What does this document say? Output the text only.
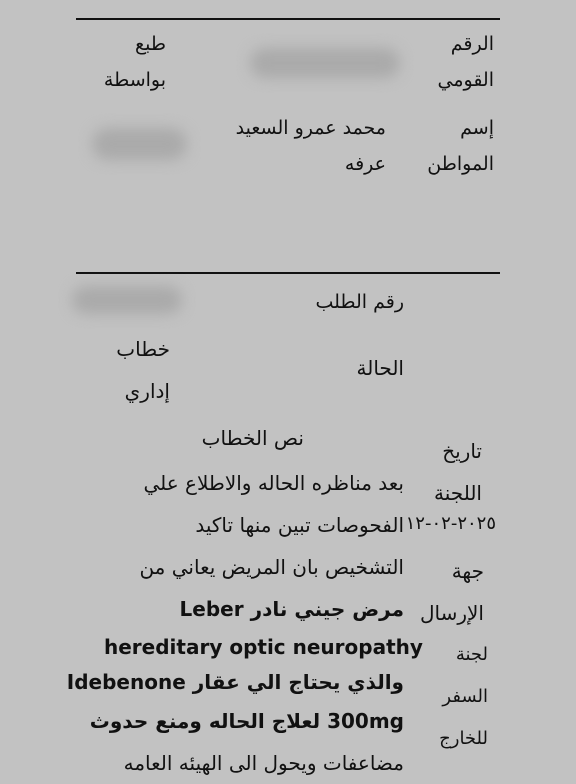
الرقم القومي
طبع بواسطة
إسم المواطن
محمد عمرو السعيد عرفه
رقم الطلب
الحالة
خطاب إداري
نص الخطاب
تاريخ اللجنة
٢٠٢٥-٠٢-١٢
جهة الإرسال
لجنة السفر للخارج
بعد مناظره الحاله والاطلاع علي
الفحوصات تبين منها تاكيد
التشخيص بان المريض يعاني من
مرض جيني نادر Leber
hereditary optic neuropathy
والذي يحتاج الي عقار Idebenone
300mg لعلاج الحاله ومنع حدوث
مضاعفات ويحول الى الهيئه العامه
